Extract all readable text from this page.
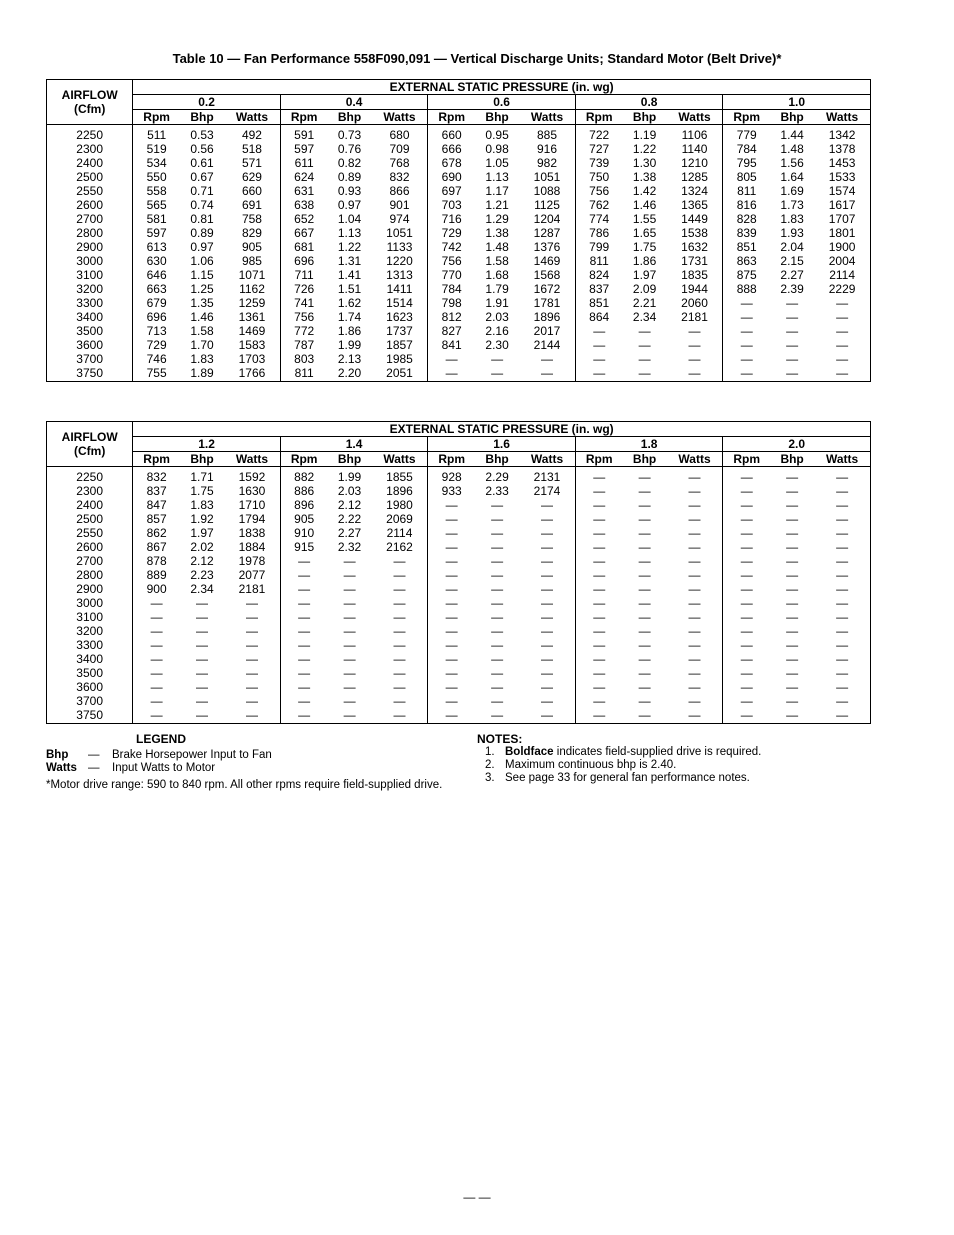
Table 10 — Fan Performance 558F090,091 — Vertical Discharge Units; Standard Motor (Belt Drive)*
AIRFLOW
(Cfm)	EXTERNAL STATIC PRESSURE (in. wg)														
	0.2			0.4			0.6			0.8			1.0		
	Rpm	Bhp	Watts	Rpm	Bhp	Watts	Rpm	Bhp	Watts	Rpm	Bhp	Watts	Rpm	Bhp	Watts
2250	511	0.53	492	591	0.73	680	660	0.95	885	722	1.19	1106	779	1.44	1342
2300	519	0.56	518	597	0.76	709	666	0.98	916	727	1.22	1140	784	1.48	1378
2400	534	0.61	571	611	0.82	768	678	1.05	982	739	1.30	1210	795	1.56	1453
2500	550	0.67	629	624	0.89	832	690	1.13	1051	750	1.38	1285	805	1.64	1533
2550	558	0.71	660	631	0.93	866	697	1.17	1088	756	1.42	1324	811	1.69	1574
2600	565	0.74	691	638	0.97	901	703	1.21	1125	762	1.46	1365	816	1.73	1617
2700	581	0.81	758	652	1.04	974	716	1.29	1204	774	1.55	1449	828	1.83	1707
2800	597	0.89	829	667	1.13	1051	729	1.38	1287	786	1.65	1538	839	1.93	1801
2900	613	0.97	905	681	1.22	1133	742	1.48	1376	799	1.75	1632	851	2.04	1900
3000	630	1.06	985	696	1.31	1220	756	1.58	1469	811	1.86	1731	863	2.15	2004
3100	646	1.15	1071	711	1.41	1313	770	1.68	1568	824	1.97	1835	875	2.27	2114
3200	663	1.25	1162	726	1.51	1411	784	1.79	1672	837	2.09	1944	888	2.39	2229
3300	679	1.35	1259	741	1.62	1514	798	1.91	1781	851	2.21	2060	—	—	—
3400	696	1.46	1361	756	1.74	1623	812	2.03	1896	864	2.34	2181	—	—	—
3500	713	1.58	1469	772	1.86	1737	827	2.16	2017	—	—	—	—	—	—
3600	729	1.70	1583	787	1.99	1857	841	2.30	2144	—	—	—	—	—	—
3700	746	1.83	1703	803	2.13	1985	—	—	—	—	—	—	—	—	—
3750	755	1.89	1766	811	2.20	2051	—	—	—	—	—	—	—	—	—
AIRFLOW
(Cfm)	EXTERNAL STATIC PRESSURE (in. wg)														
	1.2			1.4			1.6			1.8			2.0		
	Rpm	Bhp	Watts	Rpm	Bhp	Watts	Rpm	Bhp	Watts	Rpm	Bhp	Watts	Rpm	Bhp	Watts
2250	832	1.71	1592	882	1.99	1855	928	2.29	2131	—	—	—	—	—	—
2300	837	1.75	1630	886	2.03	1896	933	2.33	2174	—	—	—	—	—	—
2400	847	1.83	1710	896	2.12	1980	—	—	—	—	—	—	—	—	—
2500	857	1.92	1794	905	2.22	2069	—	—	—	—	—	—	—	—	—
2550	862	1.97	1838	910	2.27	2114	—	—	—	—	—	—	—	—	—
2600	867	2.02	1884	915	2.32	2162	—	—	—	—	—	—	—	—	—
2700	878	2.12	1978	—	—	—	—	—	—	—	—	—	—	—	—
2800	889	2.23	2077	—	—	—	—	—	—	—	—	—	—	—	—
2900	900	2.34	2181	—	—	—	—	—	—	—	—	—	—	—	—
3000	—	—	—	—	—	—	—	—	—	—	—	—	—	—	—
3100	—	—	—	—	—	—	—	—	—	—	—	—	—	—	—
3200	—	—	—	—	—	—	—	—	—	—	—	—	—	—	—
3300	—	—	—	—	—	—	—	—	—	—	—	—	—	—	—
3400	—	—	—	—	—	—	—	—	—	—	—	—	—	—	—
3500	—	—	—	—	—	—	—	—	—	—	—	—	—	—	—
3600	—	—	—	—	—	—	—	—	—	—	—	—	—	—	—
3700	—	—	—	—	—	—	—	—	—	—	—	—	—	—	—
3750	—	—	—	—	—	—	—	—	—	—	—	—	—	—	—
LEGEND
Bhp	—	Brake Horsepower Input to Fan
Watts —	Input Watts to Motor
*Motor drive range: 590 to 840 rpm. All other rpms require field-supplied drive.
NOTES:
1. Boldface indicates field-supplied drive is required.
2. Maximum continuous bhp is 2.40.
3. See page 33 for general fan performance notes.
— —
